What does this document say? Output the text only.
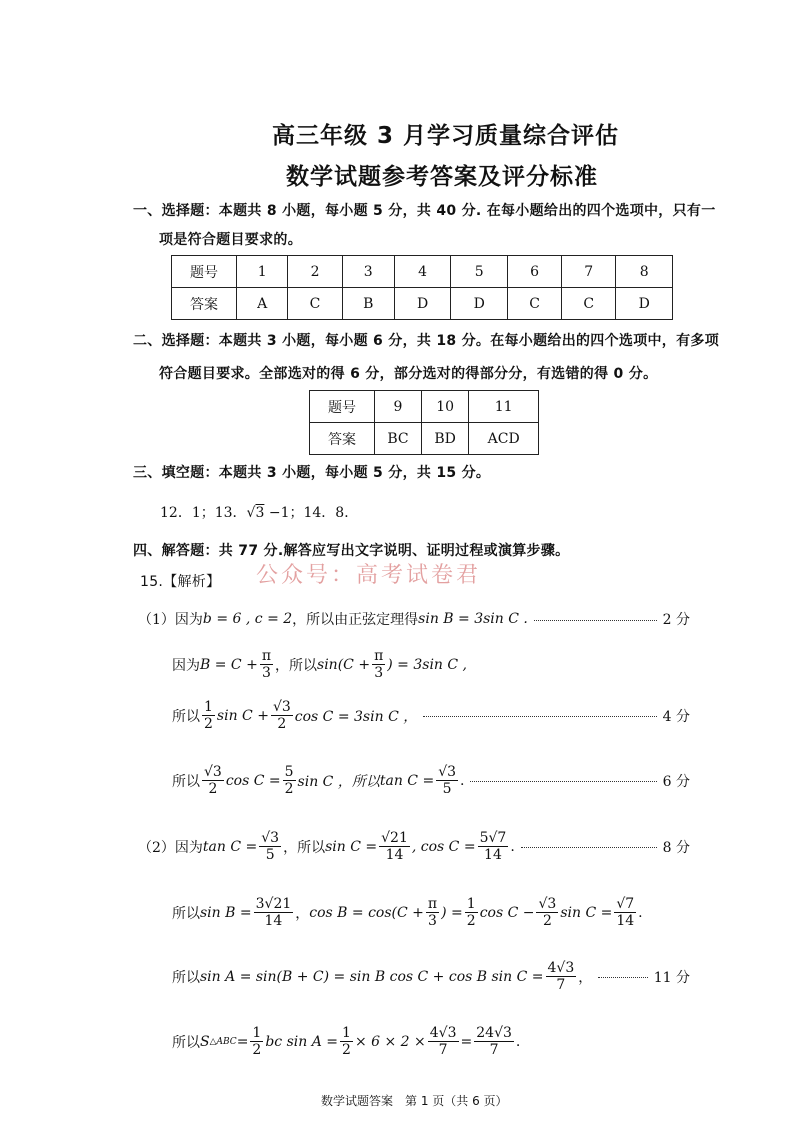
高三年级 3 月学习质量综合评估
数学试题参考答案及评分标准
一、选择题：本题共 8 小题，每小题 5 分，共 40 分. 在每小题给出的四个选项中，只有一
项是符合题目要求的。
题号	1	2	3	4	5	6	7	8
答案	A	C	B	D	D	C	C	D
二、选择题：本题共 3 小题，每小题 6 分，共 18 分。在每小题给出的四个选项中，有多项
符合题目要求。全部选对的得 6 分，部分选对的得部分分，有选错的得 0 分。
题号	9	10	11
答案	BC	BD	ACD
三、填空题：本题共 3 小题，每小题 5 分，共 15 分。
12．1；13．√3 −1；14．8．
四、解答题：共 77 分.解答应写出文字说明、证明过程或演算步骤。
公众号：高考试卷君
15.【解析】
（1）因为 b = 6 , c = 2 ，所以由正弦定理得 sin B = 3sin C .	2 分
因为 $B = C + \frac{\pi}{3}$ ，所以 $\sin(C + \frac{\pi}{3}$ ) = 3sin C ,
所以 $\frac{1}{2}$ $\sin C + \frac{√3}{2}$ cos C = 3sin C ，	4 分
所以 $\frac{√3}{2}$ $\cos C = \frac{5}{2}$ sin C ，所以 $\tan C = \frac{√3}{5}$ .	6 分
（2）因为 $\tan C = \frac{√3}{5}$ ，所以 $\sin C = \frac{√21}{14}$ , $\cos C = \frac{5√7}{14}$ .	8 分
所以 $\sin B = \frac{3√21}{14}$ ， $\cos B = \cos(C + \frac{\pi}{3}$ ) = $\frac{1}{2}$ $\cos C - \frac{√3}{2}$ $\sin C = \frac{√7}{14}$ .
所以 sin A = sin(B + C) = sin B cos C + cos B $\sin C = \frac{4√3}{7}$ ，	11 分
所以 S △ABC = $\frac{1}{2}$ bc $\sin A = \frac{1}{2} \times 6 \times 2 \times \frac{4√3}{7} = \frac{24√3}{7}$ .
数学试题答案　第 1 页（共 6 页）
